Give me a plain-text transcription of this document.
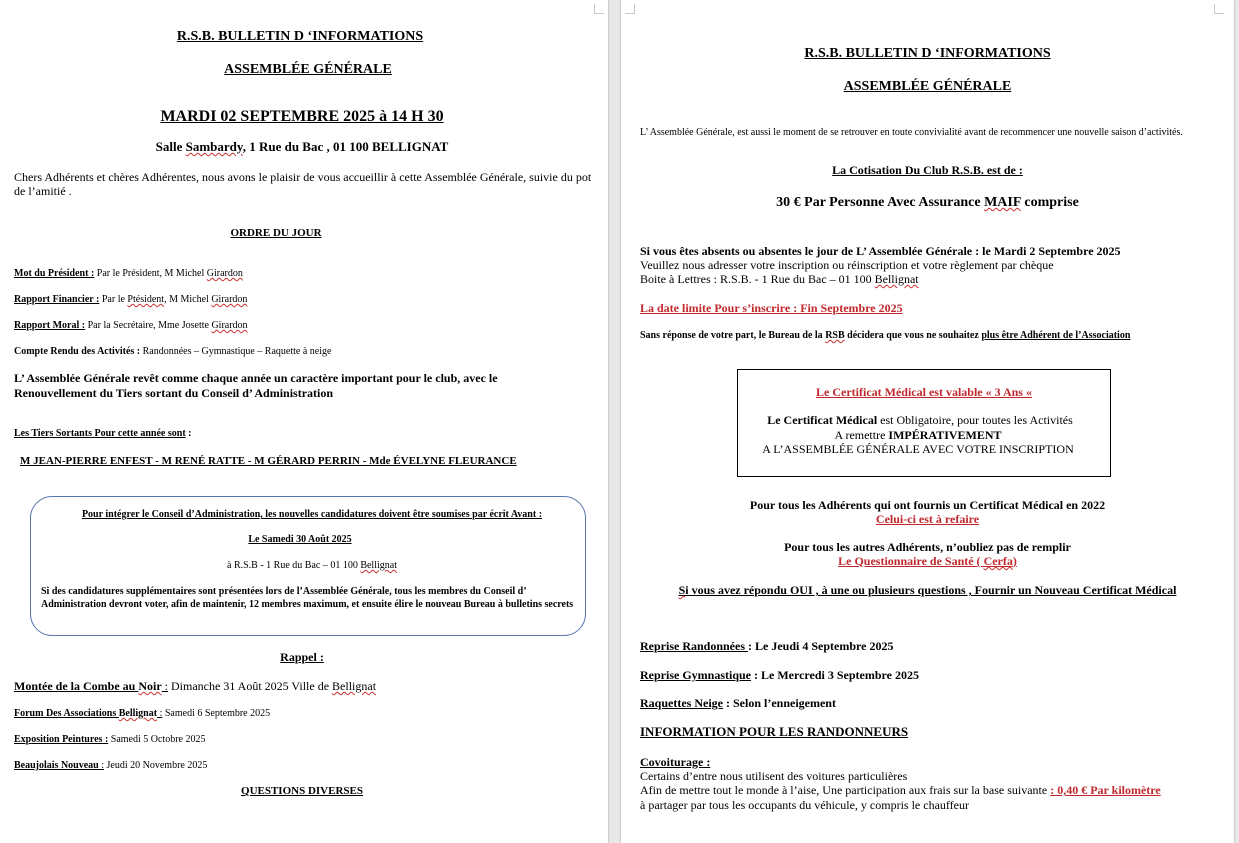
R.S.B. BULLETIN D ‘INFORMATIONS
ASSEMBLÉE GÉNÉRALE
MARDI 02 SEPTEMBRE 2025 à 14 H 30
Salle Sambardy, 1 Rue du Bac , 01 100 BELLIGNAT
Chers Adhérents et chères Adhérentes, nous avons le plaisir de vous accueillir à cette Assemblée Générale, suivie du pot de l’amitié .
ORDRE DU JOUR
Mot du Président : Par le Président, M Michel Girardon
Rapport Financier : Par le Ptésident, M Michel Girardon
Rapport Moral : Par la Secrétaire, Mme Josette Girardon
Compte Rendu des Activités : Randonnées – Gymnastique – Raquette à neige
L’ Assemblée Générale revêt comme chaque année un caractère important pour le club, avec le Renouvellement du Tiers sortant du Conseil d’ Administration
Les Tiers Sortants Pour cette année sont :
M JEAN-PIERRE ENFEST - M RENÉ RATTE - M GÉRARD PERRIN - Mde ÉVELYNE FLEURANCE
Pour intégrer le Conseil d’Administration, les nouvelles candidatures doivent être soumises par écrit Avant :
Le Samedi 30 Août 2025
à R.S.B - 1 Rue du Bac – 01 100 Bellignat
Si des candidatures supplémentaires sont présentées lors de l’Assemblée Générale, tous les membres du Conseil d’ Administration devront voter, afin de maintenir, 12 membres maximum, et ensuite élire le nouveau Bureau à bulletins secrets
Rappel :
Montée de la Combe au Noir : Dimanche 31 Août 2025 Ville de Bellignat
Forum Des Associations Bellignat : Samedi 6 Septembre 2025
Exposition Peintures : Samedi 5 Octobre 2025
Beaujolais Nouveau : Jeudi 20 Novembre 2025
QUESTIONS DIVERSES
R.S.B. BULLETIN D ‘INFORMATIONS
ASSEMBLÉE GÉNÉRALE
L’ Assemblée Générale, est aussi le moment de se retrouver en toute convivialité avant de recommencer une nouvelle saison d’activités.
La Cotisation Du Club R.S.B. est de :
30 € Par Personne Avec Assurance MAIF comprise
Si vous êtes absents ou absentes le jour de L’ Assemblée Générale : le Mardi 2 Septembre 2025
Veuillez nous adresser votre inscription ou réinscription et votre règlement par chèque
Boite à Lettres : R.S.B. - 1 Rue du Bac – 01 100 Bellignat
La date limite Pour s’inscrire : Fin Septembre 2025
Sans réponse de votre part, le Bureau de la RSB décidera que vous ne souhaitez plus être Adhérent de l’Association
Le Certificat Médical est valable « 3 Ans «
Le Certificat Médical est Obligatoire, pour toutes les Activités
A remettre IMPÉRATIVEMENT
A L’ASSEMBLÉE GÉNÉRALE AVEC VOTRE INSCRIPTION
Pour tous les Adhérents qui ont fournis un Certificat Médical en 2022
Celui-ci est à refaire
Pour tous les autres Adhérents, n’oubliez pas de remplir
Le Questionnaire de Santé ( Cerfa)
Si vous avez répondu OUI , à une ou plusieurs questions , Fournir un Nouveau Certificat Médical
Reprise Randonnées : Le Jeudi 4 Septembre 2025
Reprise Gymnastique : Le Mercredi 3 Septembre 2025
Raquettes Neige : Selon l’enneigement
INFORMATION POUR LES RANDONNEURS
Covoiturage :
Certains d’entre nous utilisent des voitures particulières
Afin de mettre tout le monde à l’aise, Une participation aux frais sur la base suivante : 0,40 € Par kilomètre
à partager par tous les occupants du véhicule, y compris le chauffeur
